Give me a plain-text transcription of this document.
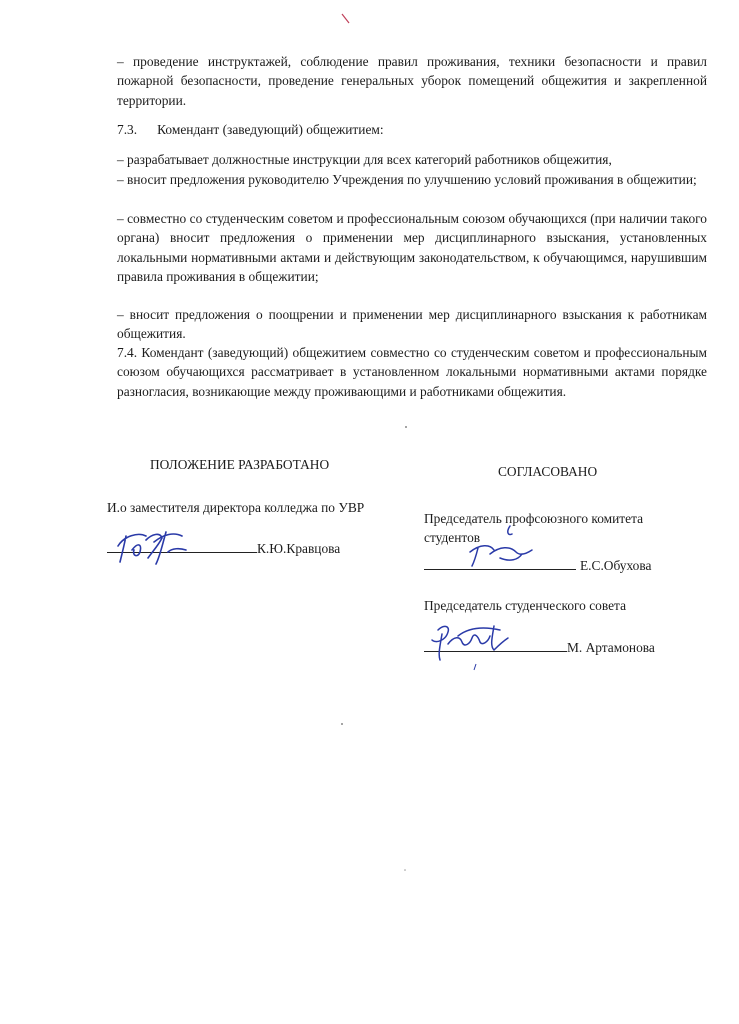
– проведение инструктажей, соблюдение правил проживания, техники безопасности и правил пожарной безопасности, проведение генеральных уборок помещений общежития и закрепленной территории.
7.3.      Комендант (заведующий) общежитием:
– разрабатывает должностные инструкции для всех категорий работников общежития,
– вносит предложения руководителю Учреждения по улучшению условий проживания в общежитии;
– совместно со студенческим советом и профессиональным союзом обучающихся (при наличии такого органа) вносит предложения о применении мер дисциплинарного взыскания, установленных локальными нормативными актами и действующим законодательством, к обучающимся, нарушившим правила проживания в общежитии;
– вносит предложения о поощрении и применении мер дисциплинарного взыскания к работникам общежития.
7.4. Комендант (заведующий) общежитием совместно со студенческим советом и профессиональным союзом обучающихся рассматривает в установленном локальными нормативными актами порядке разногласия, возникающие между проживающими и работниками общежития.
ПОЛОЖЕНИЕ РАЗРАБОТАНО
И.о заместителя директора колледжа по УВР
К.Ю.Кравцова
СОГЛАСОВАНО
Председатель профсоюзного комитета
студентов
Е.С.Обухова
Председатель студенческого совета
М. Артамонова
